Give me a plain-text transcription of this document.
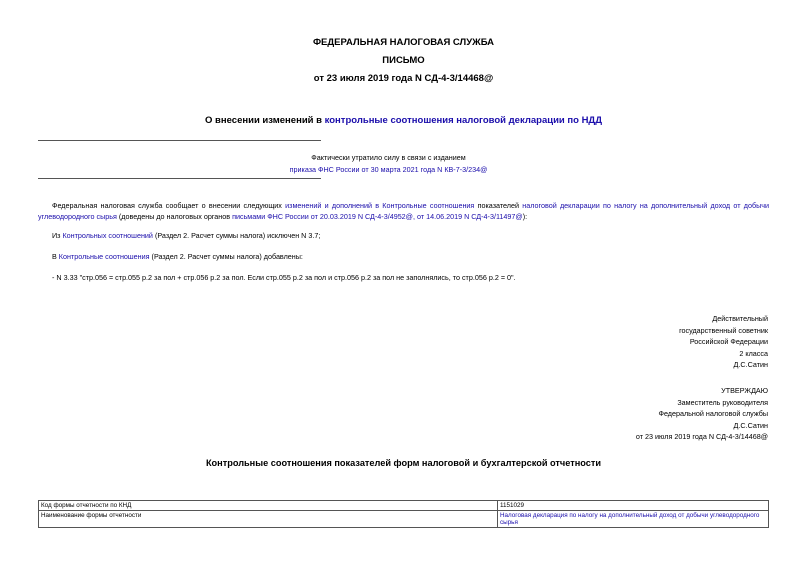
ФЕДЕРАЛЬНАЯ НАЛОГОВАЯ СЛУЖБА
ПИСЬМО
от 23 июля 2019 года N СД-4-3/14468@
О внесении изменений в контрольные соотношения налоговой декларации по НДД
Фактически утратило силу в связи с изданием
приказа ФНС России от 30 марта 2021 года N КВ-7-3/234@
Федеральная налоговая служба сообщает о внесении следующих изменений и дополнений в Контрольные соотношения показателей налоговой декларации по налогу на дополнительный доход от добычи углеводородного сырья (доведены до налоговых органов письмами ФНС России от 20.03.2019 N СД-4-3/4952@, от 14.06.2019 N СД-4-3/11497@):
Из Контрольных соотношений (Раздел 2. Расчет суммы налога) исключен N 3.7;
В Контрольные соотношения (Раздел 2. Расчет суммы налога) добавлены:
- N 3.33 "стр.056 = стр.055 р.2 за пол + стр.056 р.2 за пол. Если стр.055 р.2 за пол и стр.056 р.2 за пол не заполнялись, то стр.056 р.2 = 0".
Действительный
государственный советник
Российской Федерации
2 класса
Д.С.Сатин
УТВЕРЖДАЮ
Заместитель руководителя
Федеральной налоговой службы
Д.С.Сатин
от 23 июля 2019 года N СД-4-3/14468@
Контрольные соотношения показателей форм налоговой и бухгалтерской отчетности
Код формы отчетности по КНД	1151029
Наименование формы отчетности	Налоговая декларация по налогу на дополнительный доход от добычи углеводородного сырья
